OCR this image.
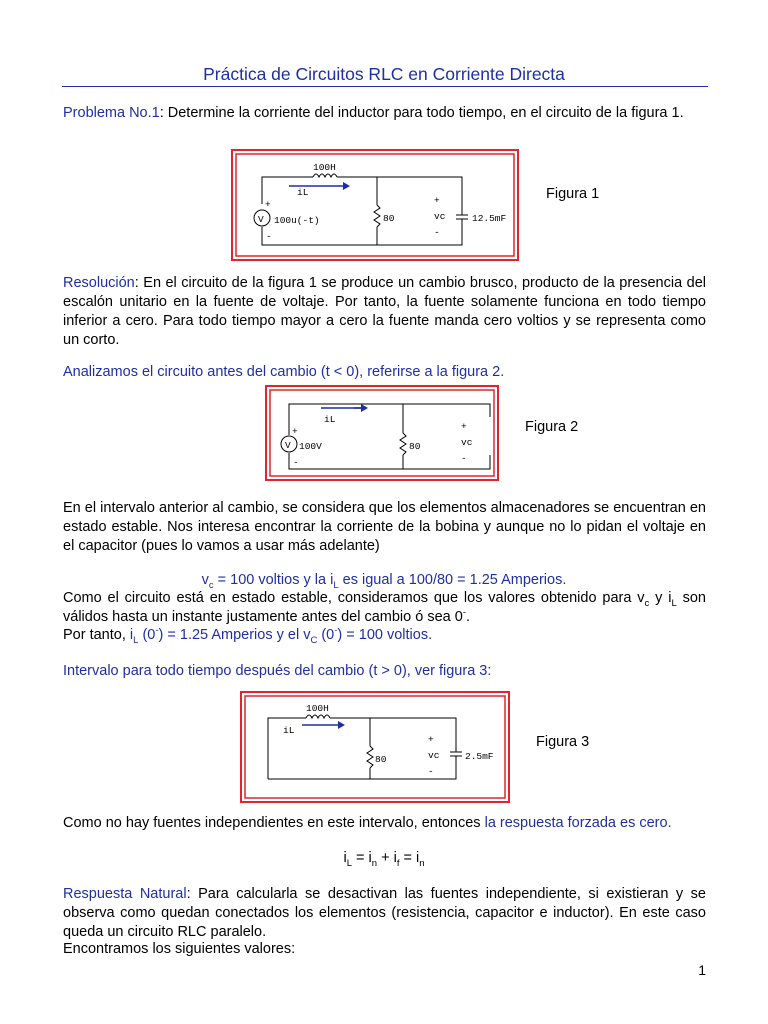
Práctica de Circuitos RLC en Corriente Directa
Problema No.1: Determine la corriente del inductor para todo tiempo, en el circuito de la figura 1.
100H
iL
V 100u(-t)
+
-
80
+
vc
-
12.5mF
Figura 1
Resolución: En el circuito de la figura 1 se produce un cambio brusco, producto de la presencia del escalón unitario en la fuente de voltaje. Por tanto, la fuente solamente funciona en todo tiempo inferior a cero. Para todo tiempo mayor a cero la fuente manda cero voltios y se representa como un corto.
Analizamos el circuito antes del cambio (t < 0), referirse a la figura 2.
iL
V 100V
+
-
80
+
vc
-
Figura 2
En el intervalo anterior al cambio, se considera que los elementos almacenadores se encuentran en estado estable. Nos interesa encontrar la corriente de la bobina y aunque no lo pidan el voltaje en el capacitor (pues lo vamos a usar más adelante)
$v_c = 100$ voltios y la $i_L$ es igual a 100/80 = 1.25 Amperios.
Como el circuito está en estado estable, consideramos que los valores obtenido para $v_c$ y $i_L$ son válidos hasta un instante justamente antes del cambio ó sea 0-.
Por tanto, $i_L$ (0-) = 1.25 Amperios y el $v_C$ (0-) = 100 voltios.
Intervalo para todo tiempo después del cambio (t > 0), ver figura 3:
100H
iL
80
+
vc
-
2.5mF
Figura 3
Como no hay fuentes independientes en este intervalo, entonces la respuesta forzada es cero.
$i_L = i_n + i_f = i_n$
Respuesta Natural: Para calcularla se desactivan las fuentes independiente, si existieran y se observa como quedan conectados los elementos (resistencia, capacitor e inductor). En este caso queda un circuito RLC paralelo.
Encontramos los siguientes valores:
1
